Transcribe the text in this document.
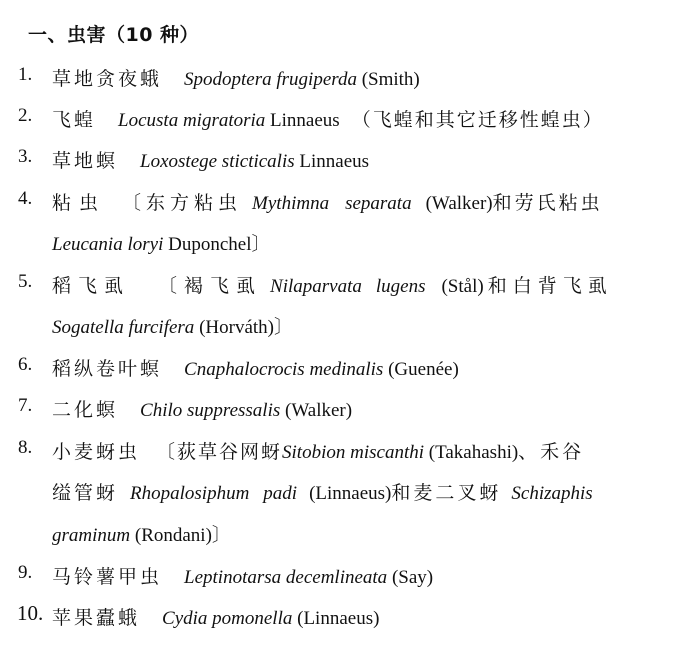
一、虫害（10 种）
1. 草地贪夜蛾 Spodoptera frugiperda (Smith)
2. 飞蝗 Locusta migratoria Linnaeus （飞蝗和其它迁移性蝗虫）
3. 草地螟 Loxostege sticticalis Linnaeus
4. 粘虫 〔东方粘虫 Mythimna separata (Walker)和劳氏粘虫
Leucania loryi Duponchel〕
5. 稻飞虱 〔褐飞虱 Nilaparvata lugens (Stål) 和白背飞虱
Sogatella furcifera (Horváth)〕
6. 稻纵卷叶螟 Cnaphalocrocis medinalis (Guenée)
7. 二化螟 Chilo suppressalis (Walker)
8. 小麦蚜虫 〔荻草谷网蚜Sitobion miscanthi (Takahashi)、禾谷
缢管蚜 Rhopalosiphum padi (Linnaeus)和麦二叉蚜 Schizaphis
graminum (Rondani)〕
9. 马铃薯甲虫 Leptinotarsa decemlineata (Say)
10. 苹果蠹蛾 Cydia pomonella (Linnaeus)
